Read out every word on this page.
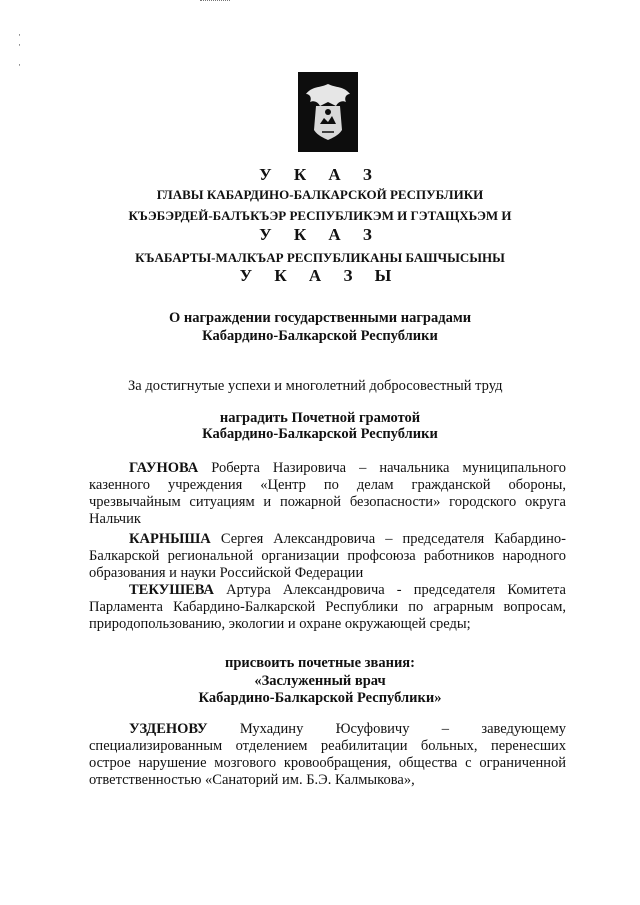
·
·

·
У К А З
ГЛАВЫ КАБАРДИНО-БАЛКАРСКОЙ РЕСПУБЛИКИ
КЪЭБЭРДЕЙ-БАЛЪКЪЭР РЕСПУБЛИКЭМ И ГЭТАЩХЬЭМ И
У К А З
КЪАБАРТЫ-МАЛКЪАР РЕСПУБЛИКАНЫ БАШЧЫСЫНЫ
У К А З Ы
О награждении государственными наградами
Кабардино-Балкарской Республики
За достигнутые успехи и многолетний добросовестный труд
наградить Почетной грамотой
Кабардино-Балкарской Республики

ГАУНОВА Роберта Назировича – начальника муниципального казенного учреждения «Центр по делам гражданской обороны, чрезвычайным ситуациям и пожарной безопасности» городского округа Нальчик

КАРНЫША Сергея Александровича – председателя Кабардино-Балкарской региональной организации профсоюза работников народного образования и науки Российской Федерации

ТЕКУШЕВА Артура Александровича - председателя Комитета Парламента Кабардино-Балкарской Республики по аграрным вопросам, природопользованию, экологии и охране окружающей среды;

присвоить почетные звания:
«Заслуженный врач
Кабардино-Балкарской Республики»

УЗДЕНОВУ Мухадину Юсуфовичу – заведующему специализированным отделением реабилитации больных, перенесших острое нарушение мозгового кровообращения, общества с ограниченной ответственностью «Санаторий им. Б.Э. Калмыкова»,
